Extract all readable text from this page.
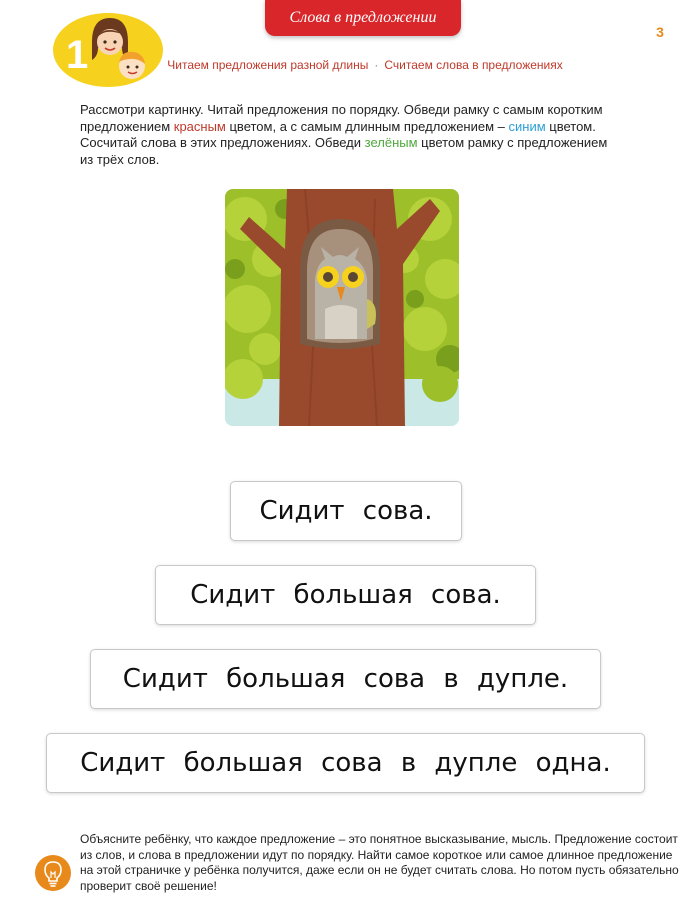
1
Слова в предложении
3
Читаем предложения разной длины · Считаем слова в предложениях
Рассмотри картинку. Читай предложения по порядку. Обведи рамку с самым коротким предложением красным цветом, а с самым длинным предложением – синим цветом. Сосчитай слова в этих предложениях. Обведи зелёным цветом рамку с предложением из трёх слов.
Сидит сова.
Сидит большая сова.
Сидит большая сова в дупле.
Сидит большая сова в дупле одна.
Объясните ребёнку, что каждое предложение – это понятное высказывание, мысль. Предложение состоит из слов, и слова в предложении идут по порядку. Найти самое короткое или самое длинное предложение на этой страничке у ребёнка получится, даже если он не будет считать слова. Но потом пусть обязательно проверит своё решение!
